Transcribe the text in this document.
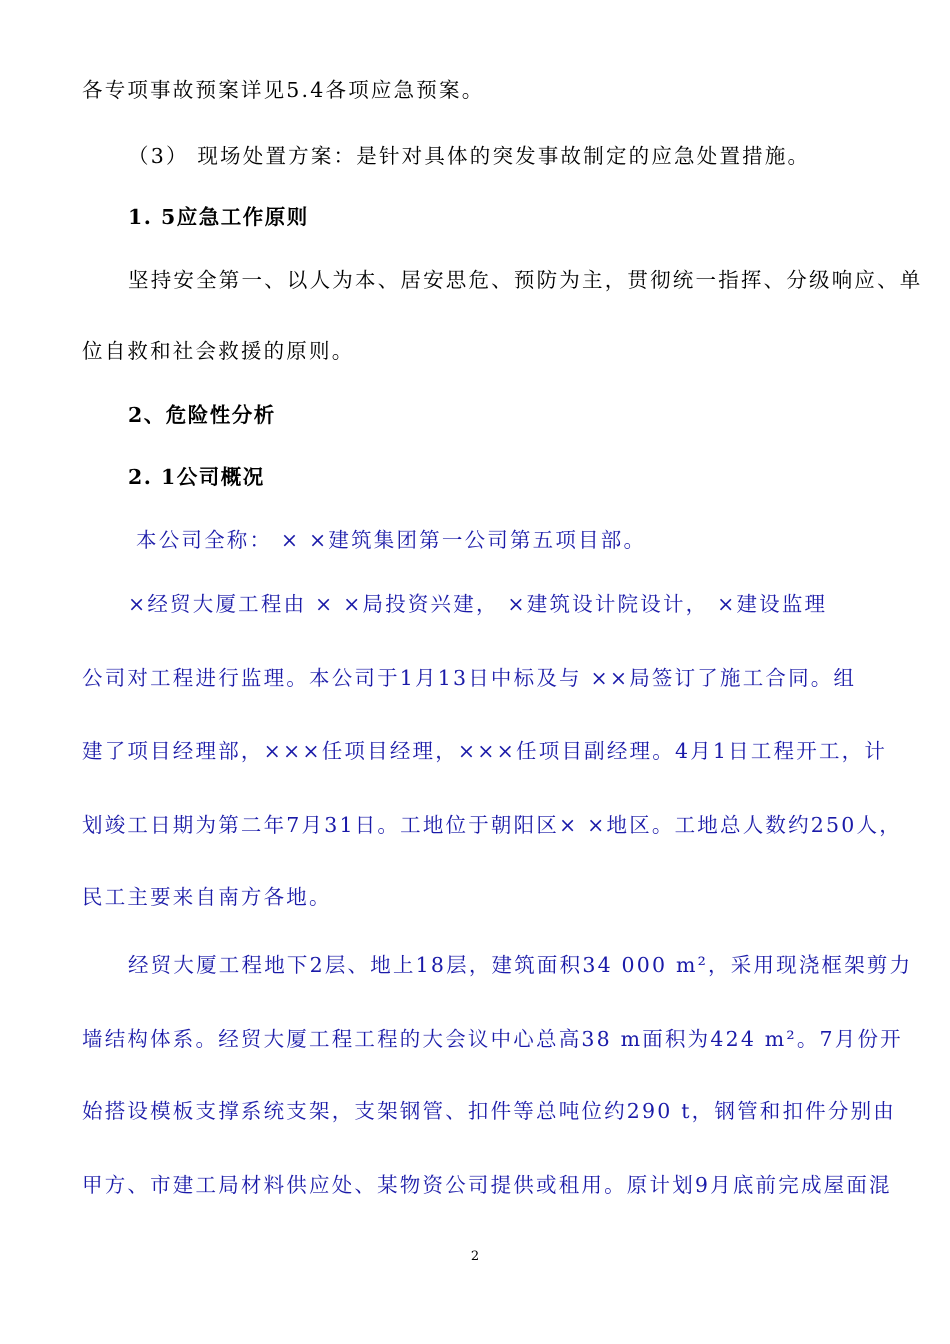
各专项事故预案详见5.4各项应急预案。
（3） 现场处置方案：是针对具体的突发事故制定的应急处置措施。
1. 5应急工作原则
坚持安全第一、以人为本、居安思危、预防为主，贯彻统一指挥、分级响应、单
位自救和社会救援的原则。
2、危险性分析
2. 1公司概况
本公司全称： × ×建筑集团第一公司第五项目部。
×经贸大厦工程由 × ×局投资兴建， ×建筑设计院设计， ×建设监理
公司对工程进行监理。本公司于1月13日中标及与 ××局签订了施工合同。组
建了项目经理部，×××任项目经理，×××任项目副经理。4月1日工程开工，计
划竣工日期为第二年7月31日。工地位于朝阳区× ×地区。工地总人数约250人，
民工主要来自南方各地。
经贸大厦工程地下2层、地上18层，建筑面积34 000 m²，采用现浇框架剪力
墙结构体系。经贸大厦工程工程的大会议中心总高38 m面积为424 m²。7月份开
始搭设模板支撑系统支架，支架钢管、扣件等总吨位约290 t，钢管和扣件分别由
甲方、市建工局材料供应处、某物资公司提供或租用。原计划9月底前完成屋面混
2
